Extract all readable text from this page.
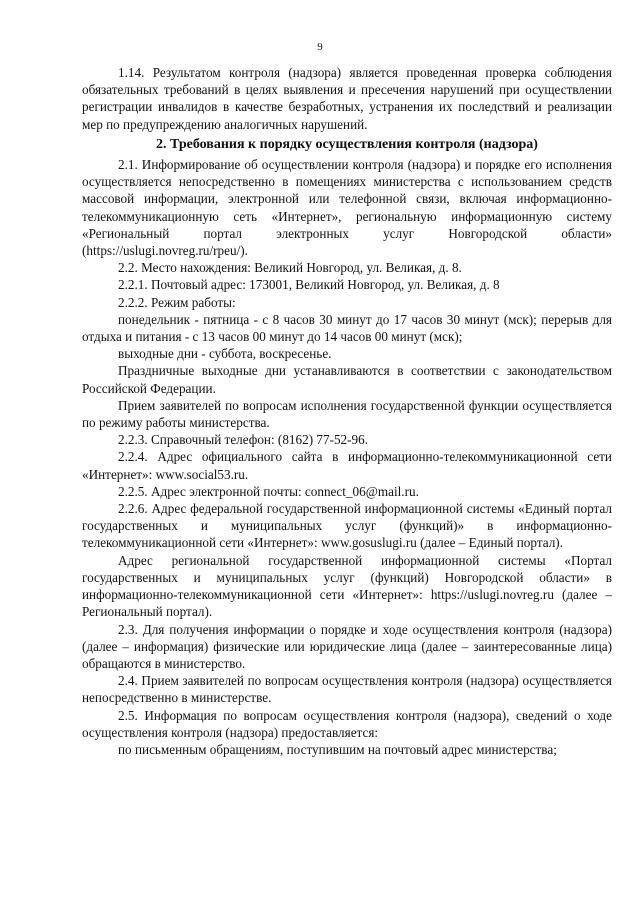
9

1.14. Результатом контроля (надзора) является проведенная проверка соблюдения обязательных требований в целях выявления и пресечения нарушений при осуществлении регистрации инвалидов в качестве безработных, устранения их последствий и реализации мер по предупреждению аналогичных нарушений.

2. Требования к порядку осуществления контроля (надзора)

2.1. Информирование об осуществлении контроля (надзора) и порядке его исполнения осуществляется непосредственно в помещениях министерства с использованием средств массовой информации, электронной или телефонной связи, включая информационно-телекоммуникационную сеть «Интернет», региональную информационную систему «Региональный портал электронных услуг Новгородской области» (https://uslugi.novreg.ru/rpeu/).

2.2. Место нахождения: Великий Новгород, ул. Великая, д. 8.

2.2.1. Почтовый адрес: 173001, Великий Новгород, ул. Великая, д. 8

2.2.2. Режим работы:

понедельник - пятница - с 8 часов 30 минут до 17 часов 30 минут (мск); перерыв для отдыха и питания - с 13 часов 00 минут до 14 часов 00 минут (мск);

выходные дни - суббота, воскресенье.

Праздничные выходные дни устанавливаются в соответствии с законодательством Российской Федерации.

Прием заявителей по вопросам исполнения государственной функции осуществляется по режиму работы министерства.

2.2.3. Справочный телефон: (8162) 77-52-96.

2.2.4. Адрес официального сайта в информационно-телекоммуникационной сети «Интернет»: www.social53.ru.

2.2.5. Адрес электронной почты: connect_06@mail.ru.

2.2.6. Адрес федеральной государственной информационной системы «Единый портал государственных и муниципальных услуг (функций)» в информационно-телекоммуникационной сети «Интернет»: www.gosuslugi.ru (далее – Единый портал).

Адрес региональной государственной информационной системы «Портал государственных и муниципальных услуг (функций) Новгородской области» в информационно-телекоммуникационной сети «Интернет»: https://uslugi.novreg.ru (далее – Региональный портал).

2.3. Для получения информации о порядке и ходе осуществления контроля (надзора) (далее – информация) физические или юридические лица (далее – заинтересованные лица) обращаются в министерство.

2.4. Прием заявителей по вопросам осуществления контроля (надзора) осуществляется непосредственно в министерстве.

2.5. Информация по вопросам осуществления контроля (надзора), сведений о ходе осуществления контроля (надзора) предоставляется:

по письменным обращениям, поступившим на почтовый адрес министерства;
